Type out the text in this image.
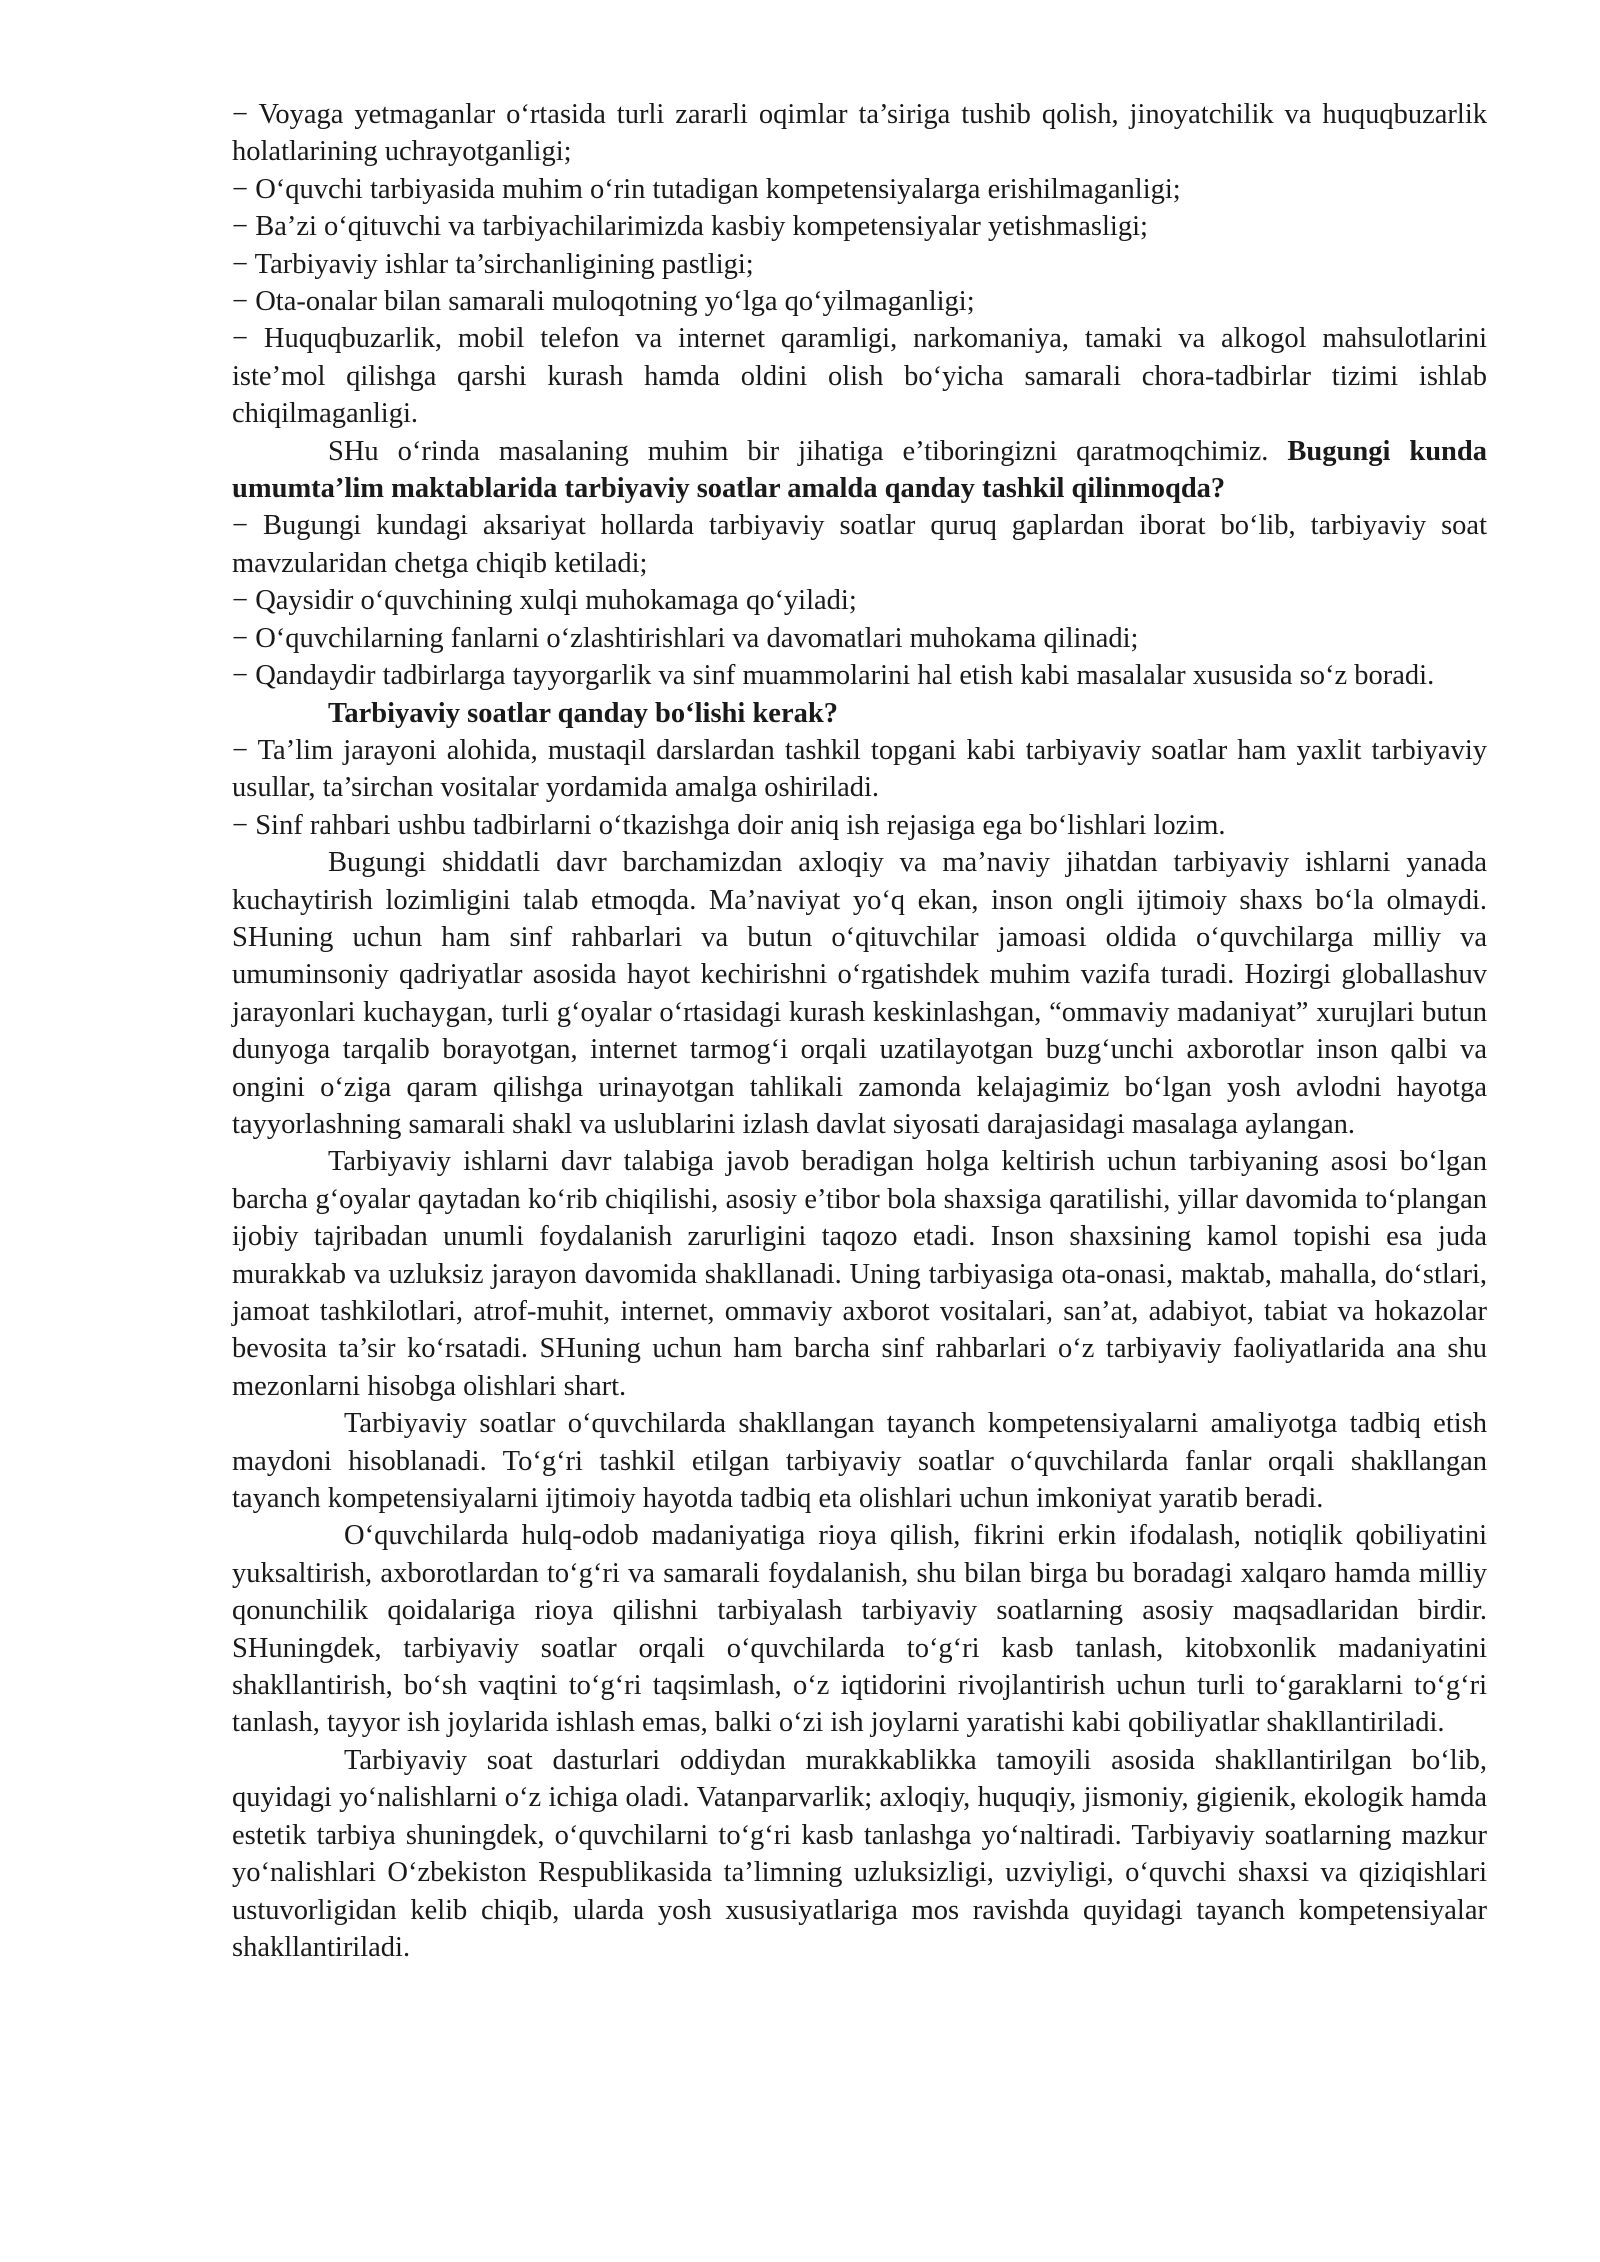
− Voyaga yetmaganlar o‘rtasida turli zararli oqimlar ta’siriga tushib qolish, jinoyatchilik va huquqbuzarlik holatlarining uchrayotganligi;

− O‘quvchi tarbiyasida muhim o‘rin tutadigan kompetensiyalarga erishilmaganligi;

− Ba’zi o‘qituvchi va tarbiyachilarimizda kasbiy kompetensiyalar yetishmasligi;

− Tarbiyaviy ishlar ta’sirchanligining pastligi;

− Ota-onalar bilan samarali muloqotning yo‘lga qo‘yilmaganligi;

− Huquqbuzarlik, mobil telefon va internet qaramligi, narkomaniya, tamaki va alkogol mahsulotlarini iste’mol qilishga qarshi kurash hamda oldini olish bo‘yicha samarali chora-tadbirlar tizimi ishlab chiqilmaganligi.

SHu o‘rinda masalaning muhim bir jihatiga e’tiboringizni qaratmoqchimiz. Bugungi kunda umumta’lim maktablarida tarbiyaviy soatlar amalda qanday tashkil qilinmoqda?

− Bugungi kundagi aksariyat hollarda tarbiyaviy soatlar quruq gaplardan iborat bo‘lib, tarbiyaviy soat mavzularidan chetga chiqib ketiladi;

− Qaysidir o‘quvchining xulqi muhokamaga qo‘yiladi;

− O‘quvchilarning fanlarni o‘zlashtirishlari va davomatlari muhokama qilinadi;

− Qandaydir tadbirlarga tayyorgarlik va sinf muammolarini hal etish kabi masalalar xususida so‘z boradi.

Tarbiyaviy soatlar qanday bo‘lishi kerak?

− Ta’lim jarayoni alohida, mustaqil darslardan tashkil topgani kabi tarbiyaviy soatlar ham yaxlit tarbiyaviy usullar, ta’sirchan vositalar yordamida amalga oshiriladi.

− Sinf rahbari ushbu tadbirlarni o‘tkazishga doir aniq ish rejasiga ega bo‘lishlari lozim.

Bugungi shiddatli davr barchamizdan axloqiy va ma’naviy jihatdan tarbiyaviy ishlarni yanada kuchaytirish lozimligini talab etmoqda. Ma’naviyat yo‘q ekan, inson ongli ijtimoiy shaxs bo‘la olmaydi. SHuning uchun ham sinf rahbarlari va butun o‘qituvchilar jamoasi oldida o‘quvchilarga milliy va umuminsoniy qadriyatlar asosida hayot kechirishni o‘rgatishdek muhim vazifa turadi. Hozirgi globallashuv jarayonlari kuchaygan, turli g‘oyalar o‘rtasidagi kurash keskinlashgan, “ommaviy madaniyat” xurujlari butun dunyoga tarqalib borayotgan, internet tarmog‘i orqali uzatilayotgan buzg‘unchi axborotlar inson qalbi va ongini o‘ziga qaram qilishga urinayotgan tahlikali zamonda kelajagimiz bo‘lgan yosh avlodni hayotga tayyorlashning samarali shakl va uslublarini izlash davlat siyosati darajasidagi masalaga aylangan.

Tarbiyaviy ishlarni davr talabiga javob beradigan holga keltirish uchun tarbiyaning asosi bo‘lgan barcha g‘oyalar qaytadan ko‘rib chiqilishi, asosiy e’tibor bola shaxsiga qaratilishi, yillar davomida to‘plangan ijobiy tajribadan unumli foydalanish zarurligini taqozo etadi. Inson shaxsining kamol topishi esa juda murakkab va uzluksiz jarayon davomida shakllanadi. Uning tarbiyasiga ota-onasi, maktab, mahalla, do‘stlari, jamoat tashkilotlari, atrof-muhit, internet, ommaviy axborot vositalari, san’at, adabiyot, tabiat va hokazolar bevosita ta’sir ko‘rsatadi. SHuning uchun ham barcha sinf rahbarlari o‘z tarbiyaviy faoliyatlarida ana shu mezonlarni hisobga olishlari shart.

Tarbiyaviy soatlar o‘quvchilarda shakllangan tayanch kompetensiyalarni amaliyotga tadbiq etish maydoni hisoblanadi. To‘g‘ri tashkil etilgan tarbiyaviy soatlar o‘quvchilarda fanlar orqali shakllangan tayanch kompetensiyalarni ijtimoiy hayotda tadbiq eta olishlari uchun imkoniyat yaratib beradi.

O‘quvchilarda hulq-odob madaniyatiga rioya qilish, fikrini erkin ifodalash, notiqlik qobiliyatini yuksaltirish, axborotlardan to‘g‘ri va samarali foydalanish, shu bilan birga bu boradagi xalqaro hamda milliy qonunchilik qoidalariga rioya qilishni tarbiyalash tarbiyaviy soatlarning asosiy maqsadlaridan birdir. SHuningdek, tarbiyaviy soatlar orqali o‘quvchilarda to‘g‘ri kasb tanlash, kitobxonlik madaniyatini shakllantirish, bo‘sh vaqtini to‘g‘ri taqsimlash, o‘z iqtidorini rivojlantirish uchun turli to‘garaklarni to‘g‘ri tanlash, tayyor ish joylarida ishlash emas, balki o‘zi ish joylarni yaratishi kabi qobiliyatlar shakllantiriladi.

Tarbiyaviy soat dasturlari oddiydan murakkablikka tamoyili asosida shakllantirilgan bo‘lib, quyidagi yo‘nalishlarni o‘z ichiga oladi. Vatanparvarlik; axloqiy, huquqiy, jismoniy, gigienik, ekologik hamda estetik tarbiya shuningdek, o‘quvchilarni to‘g‘ri kasb tanlashga yo‘naltiradi. Tarbiyaviy soatlarning mazkur yo‘nalishlari O‘zbekiston Respublikasida ta’limning uzluksizligi, uzviyligi, o‘quvchi shaxsi va qiziqishlari ustuvorligidan kelib chiqib, ularda yosh xususiyatlariga mos ravishda quyidagi tayanch kompetensiyalar shakllantiriladi.
